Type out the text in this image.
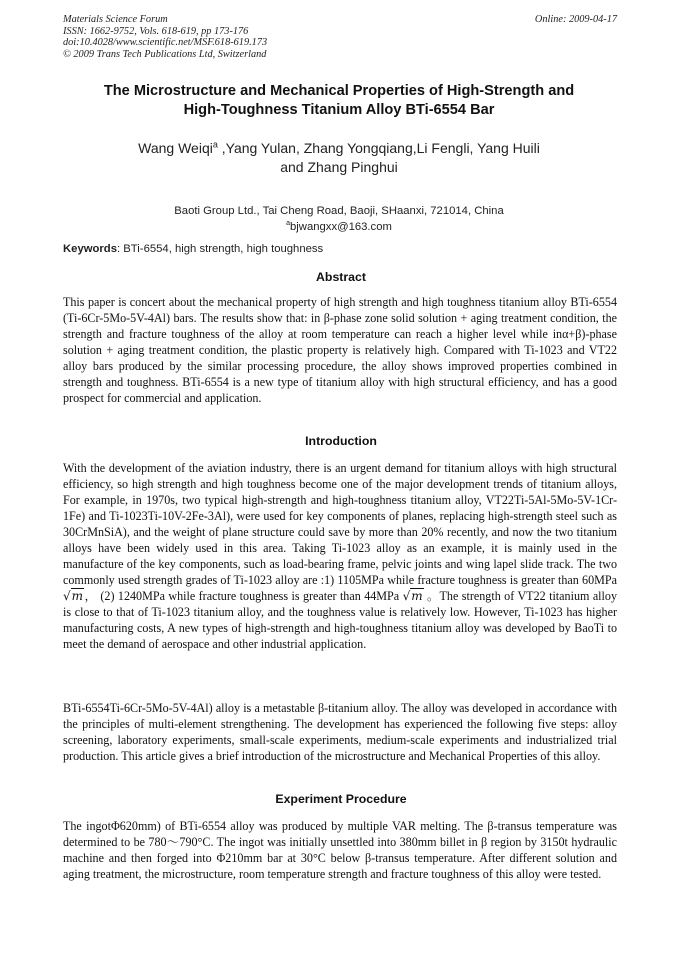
Materials Science Forum
ISSN: 1662-9752, Vols. 618-619, pp 173-176
doi:10.4028/www.scientific.net/MSF.618-619.173
© 2009 Trans Tech Publications Ltd, Switzerland
Online: 2009-04-17
The Microstructure and Mechanical Properties of High-Strength and
High-Toughness Titanium Alloy BTi-6554 Bar
Wang Weiqi$^a$ ,Yang Yulan, Zhang Yongqiang,Li Fengli, Yang Huili
and Zhang Pinghui
Baoti Group Ltd., Tai Cheng Road, Baoji, SHaanxi, 721014, China
$^a$bjwangxx@163.com
Keywords: BTi-6554, high strength, high toughness
Abstract

This paper is concert about the mechanical property of high strength and high toughness titanium alloy BTi-6554 (Ti-6Cr-5Mo-5V-4Al) bars. The results show that: in β-phase zone solid solution + aging treatment condition, the strength and fracture toughness of the alloy at room temperature can reach a higher level while inα+β)-phase solution + aging treatment condition, the plastic property is relatively high. Compared with Ti-1023 and VT22 alloy bars produced by the similar processing procedure, the alloy shows improved properties combined in strength and toughness. BTi-6554 is a new type of titanium alloy with high structural efficiency, and has a good prospect for commercial and application.

Introduction

With the development of the aviation industry, there is an urgent demand for titanium alloys with high structural efficiency, so high strength and high toughness become one of the major development trends of titanium alloys, For example, in 1970s, two typical high-strength and high-toughness titanium alloy, VT22Ti-5Al-5Mo-5V-1Cr-1Fe) and Ti-1023Ti-10V-2Fe-3Al), were used for key components of planes, replacing high-strength steel such as 30CrMnSiA), and the weight of plane structure could save by more than 20% recently, and now the two titanium alloys have been widely used in this area. Taking Ti-1023 alloy as an example, it is mainly used in the manufacture of the key components, such as load-bearing frame, pelvic joints and wing lapel slide track. The two commonly used strength grades of Ti-1023 alloy are :1) 1105MPa while fracture toughness is greater than 60MPa √m， (2) 1240MPa while fracture toughness is greater than 44MPa √m 。The strength of VT22 titanium alloy is close to that of Ti-1023 titanium alloy, and the toughness value is relatively low. However, Ti-1023 has higher manufacturing costs, A new types of high-strength and high-toughness titanium alloy was developed by BaoTi to meet the demand of aerospace and other industrial application.

BTi-6554Ti-6Cr-5Mo-5V-4Al) alloy is a metastable β-titanium alloy. The alloy was developed in accordance with the principles of multi-element strengthening. The development has experienced the following five steps: alloy screening, laboratory experiments, small-scale experiments, medium-scale experiments and industrialized trial production. This article gives a brief introduction of the microstructure and Mechanical Properties of this alloy.

Experiment Procedure

The ingotΦ620mm) of BTi-6554 alloy was produced by multiple VAR melting. The β-transus temperature was determined to be 780～790°C. The ingot was initially unsettled into 380mm billet in β region by 3150t hydraulic machine and then forged into Φ210mm bar at 30°C below β-transus temperature. After different solution and aging treatment, the microstructure, room temperature strength and fracture toughness of this alloy were tested.
